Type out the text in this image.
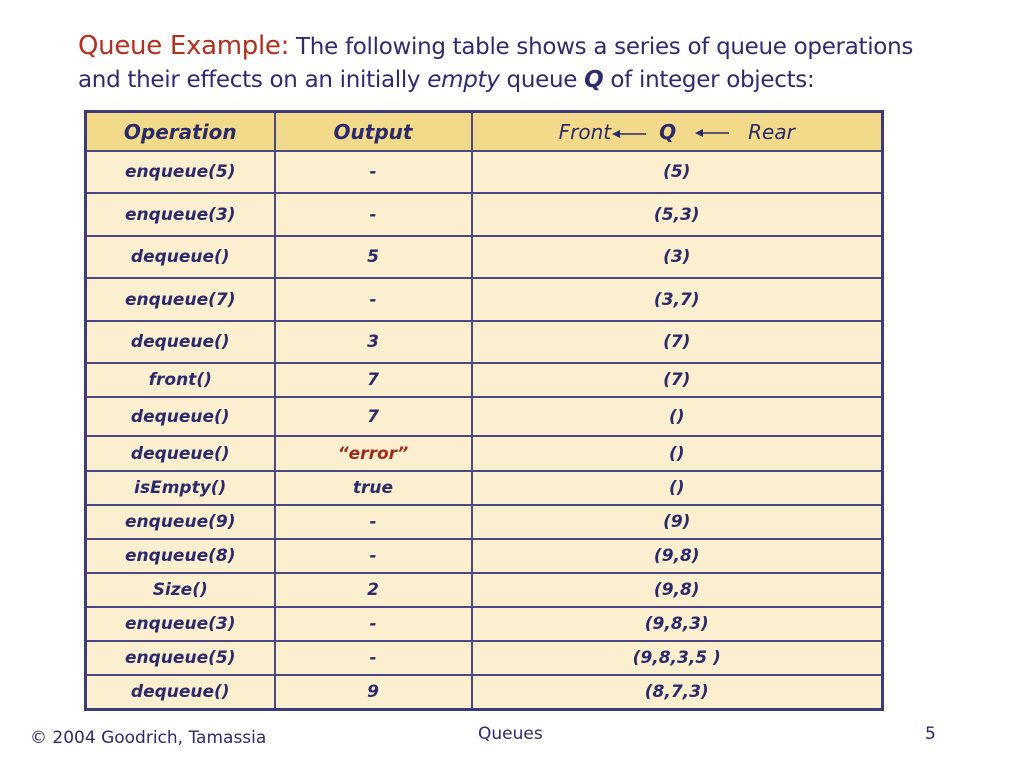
Queue Example: The following table shows a series of queue operations
and their effects on an initially empty queue Q of integer objects:
Operation	Output	Front Q Rear

enqueue(5)	-	(5)
enqueue(3)	-	(5,3)
dequeue()	5	(3)
enqueue(7)	-	(3,7)
dequeue()	3	(7)
front()	7	(7)
dequeue()	7	()
dequeue()	“error”	()
isEmpty()	true	()
enqueue(9)	-	(9)
enqueue(8)	-	(9,8)
Size()	2	(9,8)
enqueue(3)	-	(9,8,3)
enqueue(5)	-	(9,8,3,5 )
dequeue()	9	(8,7,3)
© 2004 Goodrich, Tamassia	Queues	5
